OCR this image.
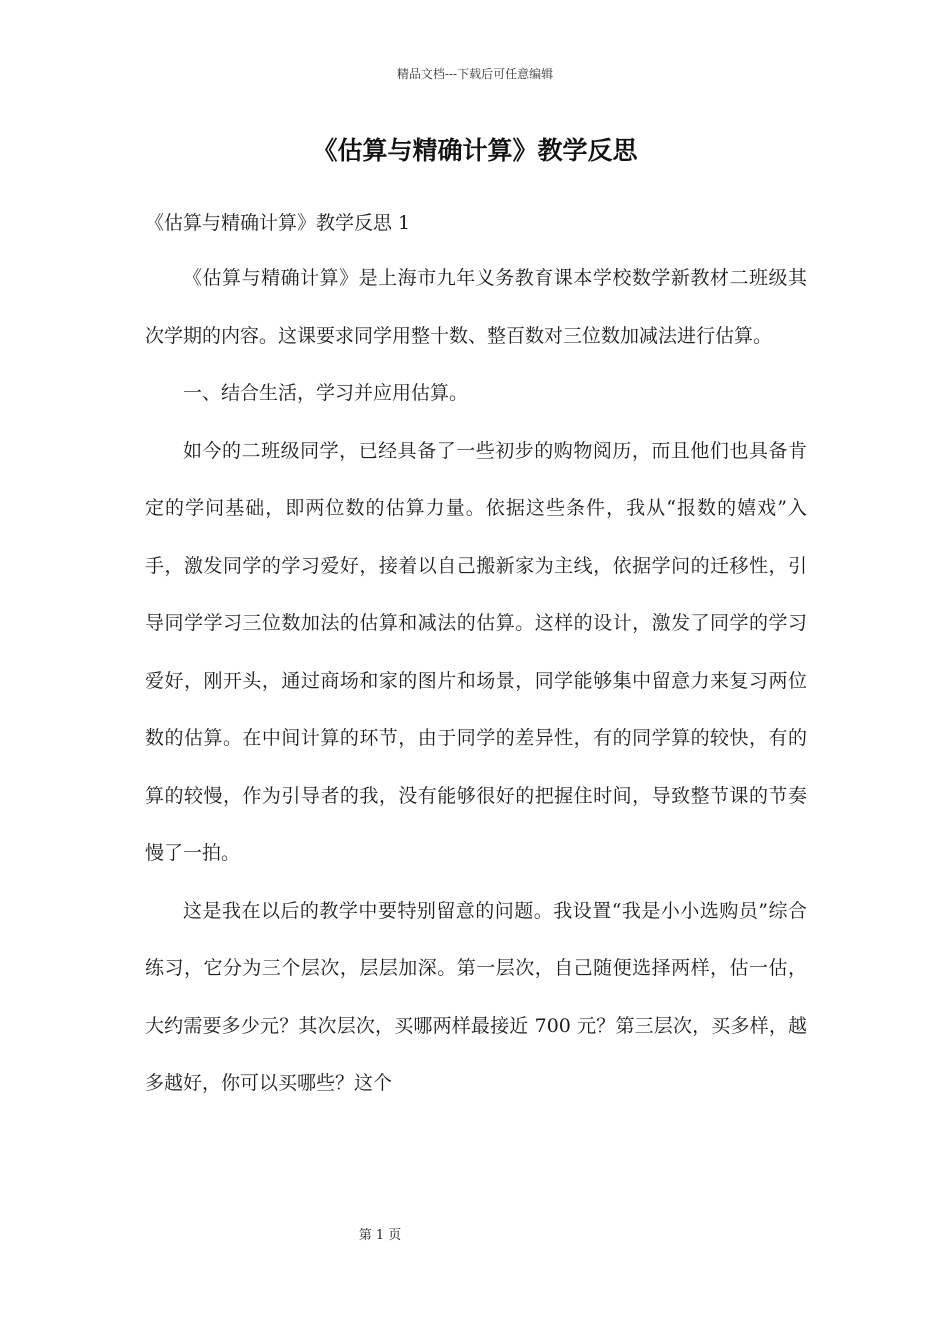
精品文档---下载后可任意编辑
《估算与精确计算》教学反思
《估算与精确计算》教学反思 1

《估算与精确计算》是上海市九年义务教育课本学校数学新教材二班级其次学期的内容。这课要求同学用整十数、整百数对三位数加减法进行估算。

一、结合生活，学习并应用估算。

如今的二班级同学，已经具备了一些初步的购物阅历，而且他们也具备肯定的学问基础，即两位数的估算力量。依据这些条件，我从“报数的嬉戏”入手，激发同学的学习爱好，接着以自己搬新家为主线，依据学问的迁移性，引导同学学习三位数加法的估算和减法的估算。这样的设计，激发了同学的学习爱好，刚开头，通过商场和家的图片和场景，同学能够集中留意力来复习两位数的估算。在中间计算的环节，由于同学的差异性，有的同学算的较快，有的算的较慢，作为引导者的我，没有能够很好的把握住时间，导致整节课的节奏慢了一拍。

这是我在以后的教学中要特别留意的问题。我设置“我是小小选购员”综合练习，它分为三个层次，层层加深。第一层次，自己随便选择两样，估一估，大约需要多少元？其次层次，买哪两样最接近 700 元？第三层次，买多样，越多越好，你可以买哪些？这个

第 1 页
